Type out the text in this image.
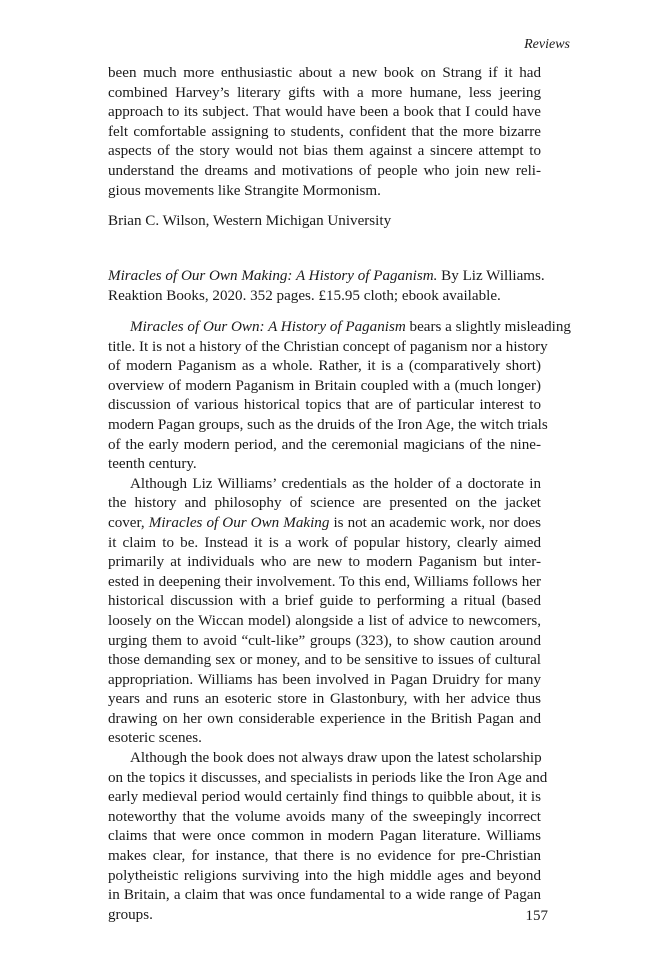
Reviews
been much more enthusiastic about a new book on Strang if it had
combined Harvey’s literary gifts with a more humane, less jeering
approach to its subject. That would have been a book that I could have
felt comfortable assigning to students, confident that the more bizarre
aspects of the story would not bias them against a sincere attempt to
understand the dreams and motivations of people who join new reli-
gious movements like Strangite Mormonism.
Brian C. Wilson, Western Michigan University
Miracles of Our Own Making: A History of Paganism. By Liz Williams.
Reaktion Books, 2020. 352 pages. £15.95 cloth; ebook available.
Miracles of Our Own: A History of Paganism bears a slightly misleading
title. It is not a history of the Christian concept of paganism nor a history
of modern Paganism as a whole. Rather, it is a (comparatively short)
overview of modern Paganism in Britain coupled with a (much longer)
discussion of various historical topics that are of particular interest to
modern Pagan groups, such as the druids of the Iron Age, the witch trials
of the early modern period, and the ceremonial magicians of the nine-
teenth century.
Although Liz Williams’ credentials as the holder of a doctorate in
the history and philosophy of science are presented on the jacket
cover, Miracles of Our Own Making is not an academic work, nor does
it claim to be. Instead it is a work of popular history, clearly aimed
primarily at individuals who are new to modern Paganism but inter-
ested in deepening their involvement. To this end, Williams follows her
historical discussion with a brief guide to performing a ritual (based
loosely on the Wiccan model) alongside a list of advice to newcomers,
urging them to avoid “cult-like” groups (323), to show caution around
those demanding sex or money, and to be sensitive to issues of cultural
appropriation. Williams has been involved in Pagan Druidry for many
years and runs an esoteric store in Glastonbury, with her advice thus
drawing on her own considerable experience in the British Pagan and
esoteric scenes.
Although the book does not always draw upon the latest scholarship
on the topics it discusses, and specialists in periods like the Iron Age and
early medieval period would certainly find things to quibble about, it is
noteworthy that the volume avoids many of the sweepingly incorrect
claims that were once common in modern Pagan literature. Williams
makes clear, for instance, that there is no evidence for pre-Christian
polytheistic religions surviving into the high middle ages and beyond
in Britain, a claim that was once fundamental to a wide range of Pagan
groups.	157
